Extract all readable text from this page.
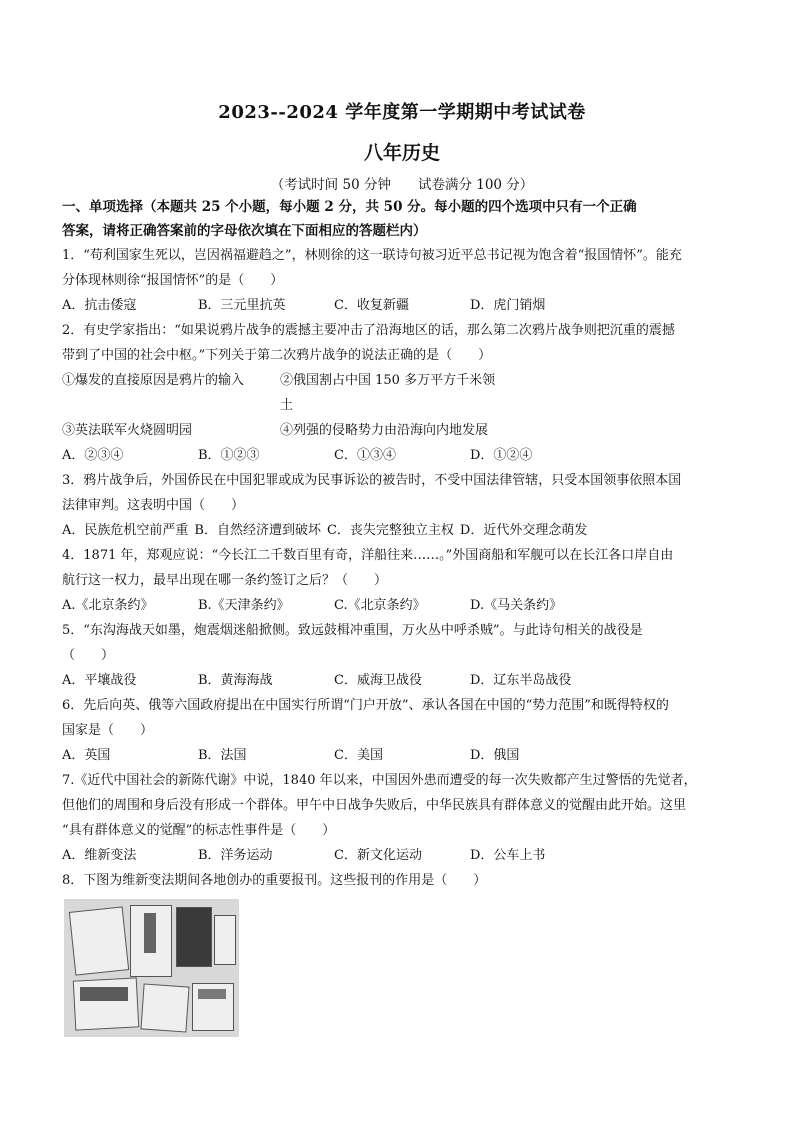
2023--2024 学年度第一学期期中考试试卷
八年历史

（考试时间 50 分钟　　试卷满分 100 分）

一、单项选择（本题共 25 个小题，每小题 2 分，共 50 分。每小题的四个选项中只有一个正确
答案，请将正确答案前的字母依次填在下面相应的答题栏内）

1．“苟利国家生死以，岂因祸福避趋之”，林则徐的这一联诗句被习近平总书记视为饱含着“报国情怀”。能充

分体现林则徐“报国情怀”的是（　　）

A．抗击倭寇	B．三元里抗英	C．收复新疆	D．虎门销烟

2．有史学家指出：“如果说鸦片战争的震撼主要冲击了沿海地区的话，那么第二次鸦片战争则把沉重的震撼

带到了中国的社会中枢。”下列关于第二次鸦片战争的说法正确的是（　　）

①爆发的直接原因是鸦片的输入	②俄国割占中国 150 多万平方千米领土
③英法联军火烧圆明园	④列强的侵略势力由沿海向内地发展
A．②③④	B．①②③	C．①③④	D．①②④

3．鸦片战争后，外国侨民在中国犯罪或成为民事诉讼的被告时，不受中国法律管辖，只受本国领事依照本国

法律审判。这表明中国（　　）

A．民族危机空前严重 B．自然经济遭到破坏 C．丧失完整独立主权 D．近代外交理念萌发

4．1871 年，郑观应说：“今长江二千数百里有奇，洋船往来……。”外国商船和军舰可以在长江各口岸自由

航行这一权力，最早出现在哪一条约签订之后？（　　）

A.《北京条约》	B.《天津条约》	C.《北京条约》	D.《马关条约》

5．“东沟海战天如墨，炮震烟迷船掀侧。致远鼓楫冲重围，万火丛中呼杀贼”。与此诗句相关的战役是

（　　）

A．平壤战役	B．黄海海战	C．威海卫战役	D．辽东半岛战役

6．先后向英、俄等六国政府提出在中国实行所谓“门户开放”、承认各国在中国的“势力范围”和既得特权的

国家是（　　）

A．英国	B．法国	C．美国	D．俄国

7.《近代中国社会的新陈代谢》中说，1840 年以来，中国因外患而遭受的每一次失败都产生过警悟的先觉者，

但他们的周围和身后没有形成一个群体。甲午中日战争失败后，中华民族具有群体意义的觉醒由此开始。这里

“具有群体意义的觉醒”的标志性事件是（　　）

A．维新变法	B．洋务运动	C．新文化运动	D．公车上书

8．下图为维新变法期间各地创办的重要报刊。这些报刊的作用是（　　）
